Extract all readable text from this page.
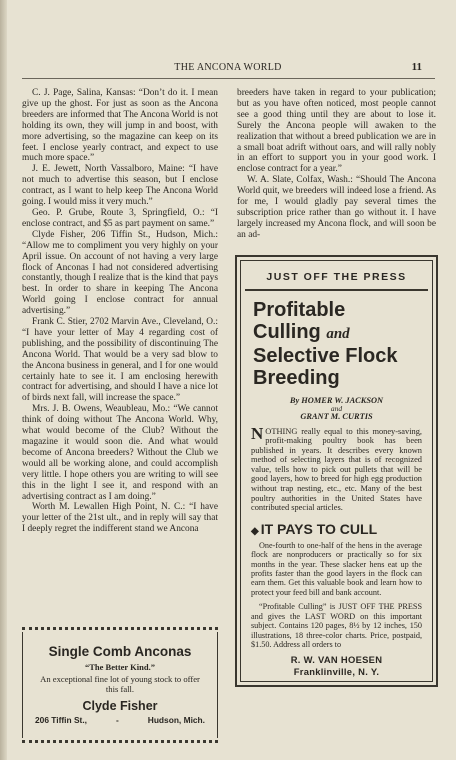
THE ANCONA WORLD	11

C. J. Page, Salina, Kansas: “Don’t do it. I mean give up the ghost. For just as soon as the Ancona breeders are informed that The Ancona World is not holding its own, they will jump in and boost, with more advertising, so the magazine can keep on its feet. I enclose yearly contract, and expect to use much more space.”

J. E. Jewett, North Vassalboro, Maine: “I have not much to advertise this season, but I enclose contract, as I want to help keep The Ancona World going. I would miss it very much.”

Geo. P. Grube, Route 3, Springfield, O.: “I enclose contract, and $5 as part payment on same.”

Clyde Fisher, 206 Tiffin St., Hudson, Mich.: “Allow me to compliment you very highly on your April issue. On account of not having a very large flock of Anconas I had not considered advertising constantly, though I realize that is the kind that pays best. In order to share in keeping The Ancona World going I enclose contract for annual advertising.”

Frank C. Stier, 2702 Marvin Ave., Cleveland, O.: “I have your letter of May 4 regarding cost of publishing, and the possibility of discontinuing The Ancona World. That would be a very sad blow to the Ancona business in general, and I for one would certainly hate to see it. I am enclosing herewith contract for advertising, and should I have a nice lot of birds next fall, will increase the space.”

Mrs. J. B. Owens, Weaubleau, Mo.: “We cannot think of doing without The Ancona World. Why, what would become of the Club? Without the magazine it would soon die. And what would become of Ancona breeders? Without the Club we would all be working alone, and could accomplish very little. I hope others you are writing to will see this in the light I see it, and respond with an advertising contract as I am doing.”

Worth M. Lewallen High Point, N. C.: “I have your letter of the 21st ult., and in reply will say that I deeply regret the indifferent stand we Ancona

breeders have taken in regard to your publication; but as you have often noticed, most people cannot see a good thing until they are about to lose it. Surely the Ancona people will awaken to the realization that without a breed publication we are in a small boat adrift without oars, and will rally nobly in an effort to support you in your good work. I enclose contract for a year.”

W. A. Slate, Colfax, Wash.: “Should The Ancona World quit, we breeders will indeed lose a friend. As for me, I would gladly pay several times the subscription price rather than go without it. I have largely increased my Ancona flock, and will soon be an ad-

Single Comb Anconas
“The Better Kind.”
An exceptional fine lot of young stock to offer this fall.
Clyde Fisher
206 Tiffin St.,	-	Hudson, Mich.
JUST OFF THE PRESS
Profitable
Culling and
Selective Flock
Breeding
By HOMER W. JACKSON
and
GRANT M. CURTIS
NOTHING really equal to this money-saving, profit-making poultry book has been published in years. It describes every known method of selecting layers that is of recognized value, tells how to pick out pullets that will be good layers, how to breed for high egg production without trap nesting, etc., etc. Many of the best poultry authorities in the United States have contributed special articles.
◆ IT PAYS TO CULL
One-fourth to one-half of the hens in the average flock are nonproducers or practically so for six months in the year. These slacker hens eat up the profits faster than the good layers in the flock can earn them. Get this valuable book and learn how to protect your feed bill and bank account.
“Profitable Culling” is JUST OFF THE PRESS and gives the LAST WORD on this important subject. Contains 120 pages, 8½ by 12 inches, 150 illustrations, 18 three-color charts. Price, postpaid, $1.50. Address all orders to
R. W. VAN HOESEN
Franklinville, N. Y.
